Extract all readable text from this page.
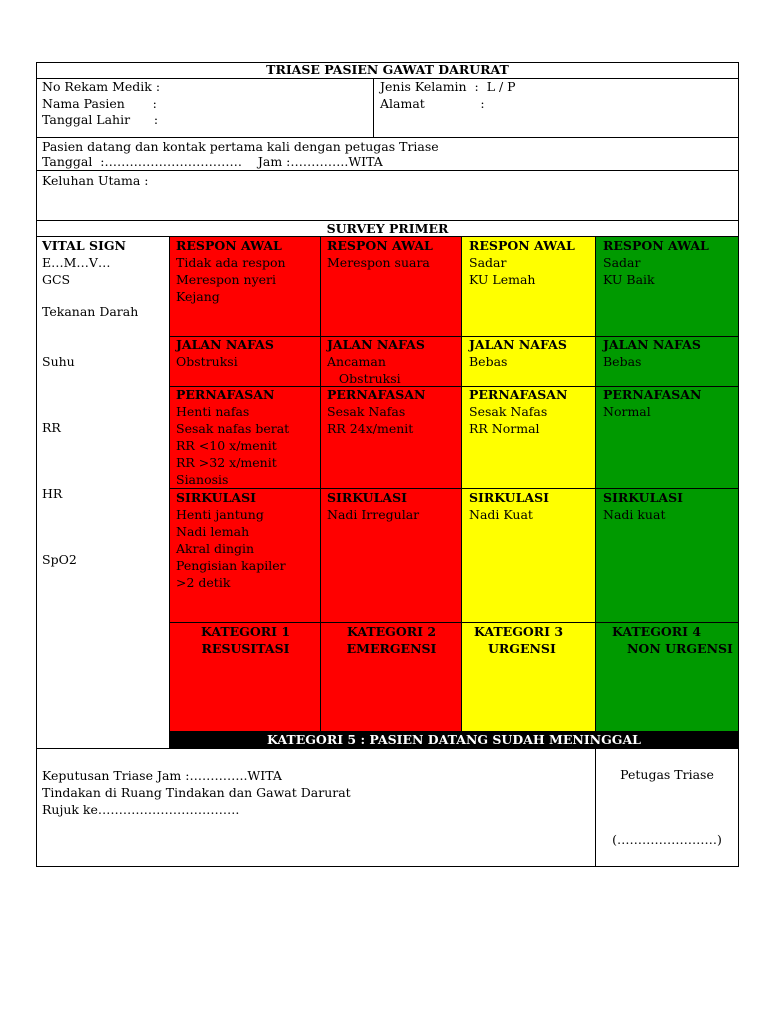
TRIASE PASIEN GAWAT DARURAT
No Rekam Medik :
Nama Pasien       :
Tanggal Lahir      :
Jenis Kelamin  :  L / P
Alamat              :
Pasien datang dan kontak pertama kali dengan petugas Triase
Tanggal  :……………………………    Jam :…………..WITA
Keluhan Utama :
SURVEY PRIMER
VITAL SIGN
E…M…V…
GCS
Tekanan Darah
Suhu
RR
HR
SpO2
RESPON AWAL
Tidak ada respon
Merespon nyeri
Kejang
JALAN NAFAS
Obstruksi
PERNAFASAN
Henti nafas
Sesak nafas berat
RR <10 x/menit
RR >32 x/menit
Sianosis
SIRKULASI
Henti jantung
Nadi lemah
Akral dingin
Pengisian kapiler
>2 detik
KATEGORI 1
RESUSITASI
RESPON AWAL
Merespon suara
JALAN NAFAS
Ancaman
Obstruksi
PERNAFASAN
Sesak Nafas
RR 24x/menit
SIRKULASI
Nadi Irregular
KATEGORI 2
EMERGENSI
RESPON AWAL
Sadar
KU Lemah
JALAN NAFAS
Bebas
PERNAFASAN
Sesak Nafas
RR Normal
SIRKULASI
Nadi Kuat
KATEGORI 3
URGENSI
RESPON AWAL
Sadar
KU Baik
JALAN NAFAS
Bebas
PERNAFASAN
Normal
SIRKULASI
Nadi kuat
KATEGORI 4
NON URGENSI
KATEGORI 5 : PASIEN DATANG SUDAH MENINGGAL
Keputusan Triase Jam :…………..WITA
Tindakan di Ruang Tindakan dan Gawat Darurat
Rujuk ke…………………………….
Petugas Triase
(……………………)
